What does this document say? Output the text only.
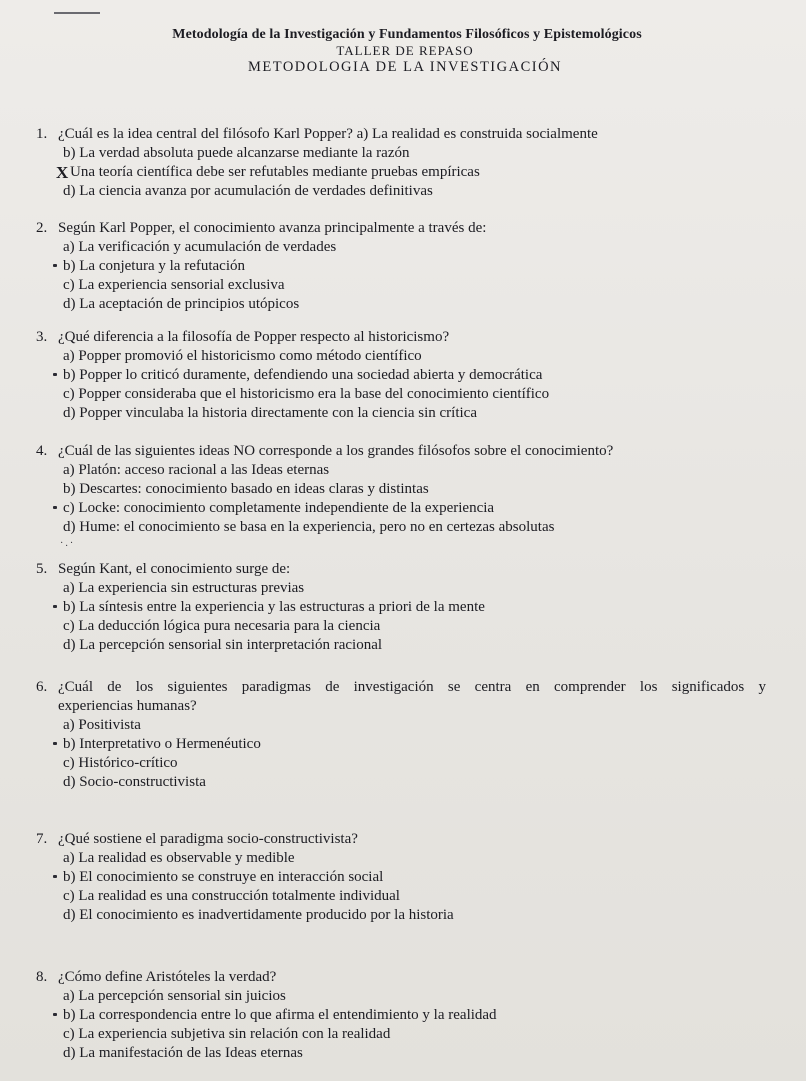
Metodología de la Investigación y Fundamentos Filosóficos y Epistemológicos
TALLER DE REPASO
METODOLOGIA DE LA INVESTIGACIÓN
1. ¿Cuál es la idea central del filósofo Karl Popper? a) La realidad es construida socialmente
b) La verdad absoluta puede alcanzarse mediante la razón
X Una teoría científica debe ser refutables mediante pruebas empíricas
d) La ciencia avanza por acumulación de verdades definitivas
2. Según Karl Popper, el conocimiento avanza principalmente a través de:
a) La verificación y acumulación de verdades
b) La conjetura y la refutación
c) La experiencia sensorial exclusiva
d) La aceptación de principios utópicos
3. ¿Qué diferencia a la filosofía de Popper respecto al historicismo?
a) Popper promovió el historicismo como método científico
b) Popper lo criticó duramente, defendiendo una sociedad abierta y democrática
c) Popper consideraba que el historicismo era la base del conocimiento científico
d) Popper vinculaba la historia directamente con la ciencia sin crítica
4. ¿Cuál de las siguientes ideas NO corresponde a los grandes filósofos sobre el conocimiento?
a) Platón: acceso racional a las Ideas eternas
b) Descartes: conocimiento basado en ideas claras y distintas
c) Locke: conocimiento completamente independiente de la experiencia
d) Hume: el conocimiento se basa en la experiencia, pero no en certezas absolutas
·.·
5. Según Kant, el conocimiento surge de:
a) La experiencia sin estructuras previas
b) La síntesis entre la experiencia y las estructuras a priori de la mente
c) La deducción lógica pura necesaria para la ciencia
d) La percepción sensorial sin interpretación racional
6. ¿Cuál de los siguientes paradigmas de investigación se centra en comprender los significados y
experiencias humanas?
a) Positivista
b) Interpretativo o Hermenéutico
c) Histórico-crítico
d) Socio-constructivista
7. ¿Qué sostiene el paradigma socio-constructivista?
a) La realidad es observable y medible
b) El conocimiento se construye en interacción social
c) La realidad es una construcción totalmente individual
d) El conocimiento es inadvertidamente producido por la historia
8. ¿Cómo define Aristóteles la verdad?
a) La percepción sensorial sin juicios
b) La correspondencia entre lo que afirma el entendimiento y la realidad
c) La experiencia subjetiva sin relación con la realidad
d) La manifestación de las Ideas eternas
